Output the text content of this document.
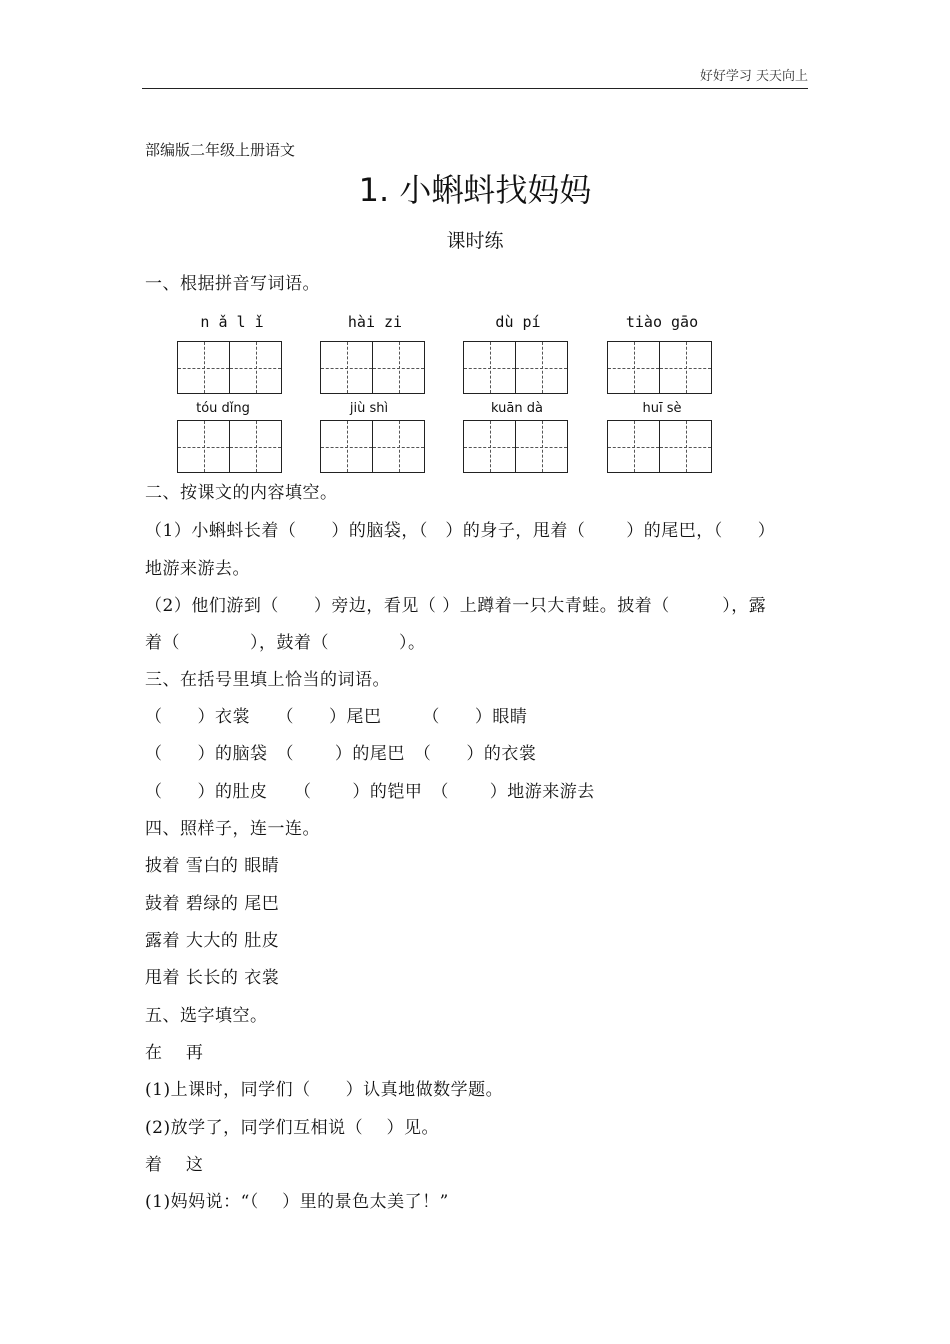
好好学习 天天向上
部编版二年级上册语文
1. 小蝌蚪找妈妈
课时练
一、根据拼音写词语。
n ǎ l ǐ	hài zi	dù pí	tiào gāo
tóu dǐng	jiù shì	kuān dà	huī sè
二、按课文的内容填空。
（1）小蝌蚪长着（　　）的脑袋，（　）的身子，甩着（　　 ）的尾巴，（　　）
地游来游去。
（2）他们游到（　　）旁边，看见（ ）上蹲着一只大青蛙。披着（　　　），露
着（　　　　），鼓着（　　　　）。
三、在括号里填上恰当的词语。
（　　）衣裳　　（　　）尾巴　　 （　　）眼睛
（　　）的脑袋　（　　 ）的尾巴　（　　）的衣裳
（　　）的肚皮　　（　　 ）的铠甲　（　　 ）地游来游去
四、照样子，连一连。
披着 雪白的 眼睛
鼓着 碧绿的 尾巴
露着 大大的 肚皮
甩着 长长的 衣裳
五、选字填空。
在　 再
(1)上课时，同学们（　　）认真地做数学题。
(2)放学了，同学们互相说（　 ）见。
着　 这
(1)妈妈说：“（　 ）里的景色太美了！”
